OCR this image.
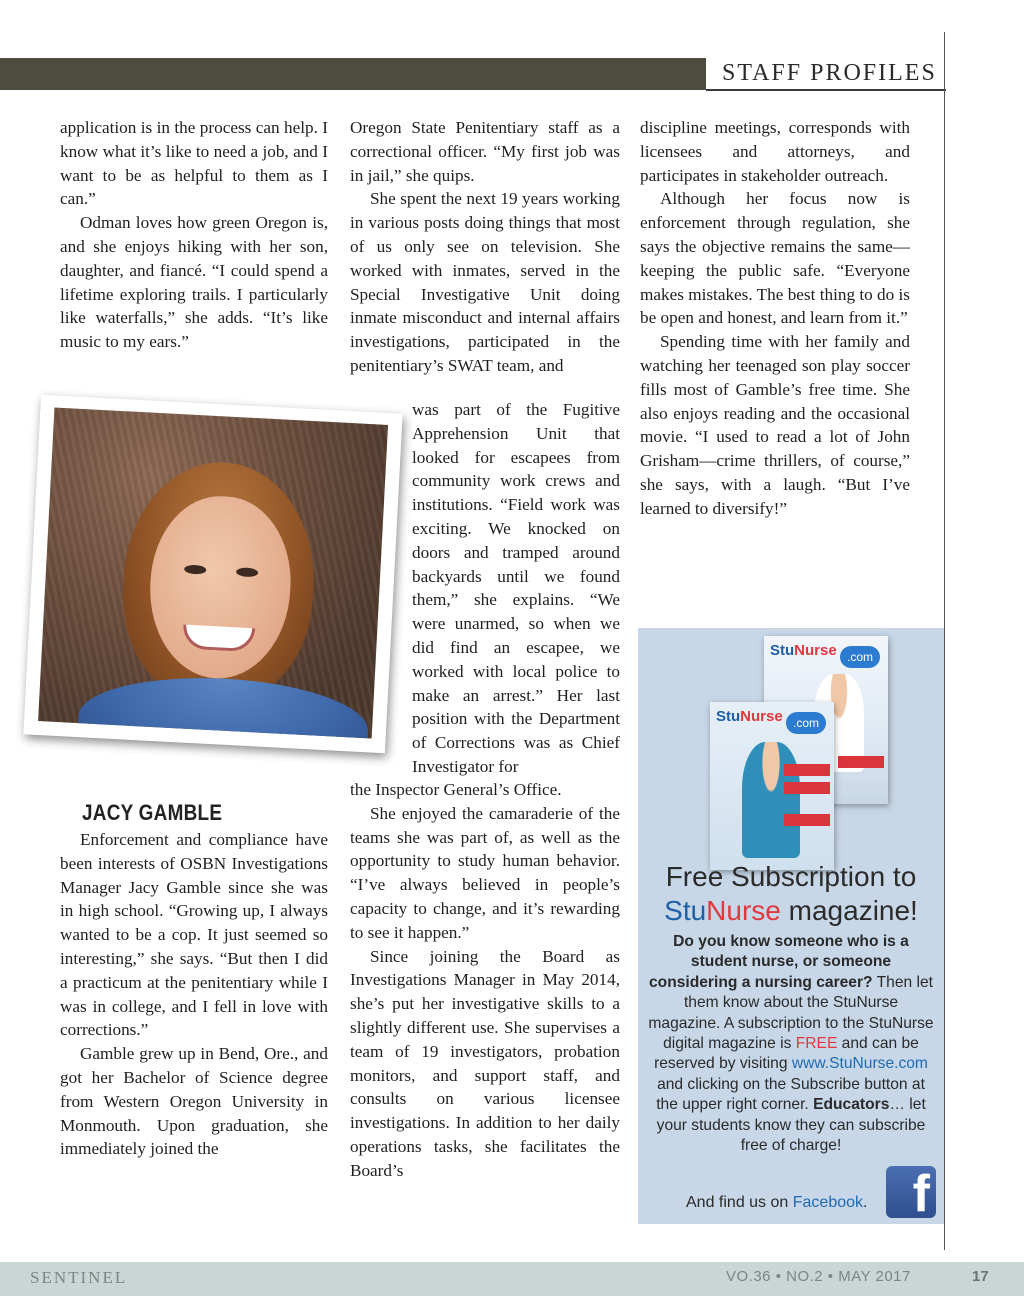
STAFF PROFILES

application is in the process can help. I know what it’s like to need a job, and I want to be as helpful to them as I can.”

Odman loves how green Oregon is, and she enjoys hiking with her son, daughter, and fiancé. “I could spend a lifetime exploring trails. I particularly like waterfalls,” she adds. “It’s like music to my ears.”

JACY GAMBLE

Enforcement and compliance have been interests of OSBN Investigations Manager Jacy Gamble since she was in high school. “Growing up, I always wanted to be a cop. It just seemed so interesting,” she says. “But then I did a practicum at the penitentiary while I was in college, and I fell in love with corrections.”

Gamble grew up in Bend, Ore., and got her Bachelor of Science degree from Western Oregon University in Monmouth. Upon graduation, she immediately joined the

Oregon State Penitentiary staff as a correctional officer. “My first job was in jail,” she quips.

She spent the next 19 years working in various posts doing things that most of us only see on television. She worked with inmates, served in the Special Investigative Unit doing inmate misconduct and internal affairs investigations, participated in the penitentiary’s SWAT team, and

was part of the Fugitive Apprehension Unit that looked for escapees from community work crews and institutions. “Field work was exciting. We knocked on doors and tramped around backyards until we found them,” she explains. “We were unarmed, so when we did find an escapee, we worked with local police to make an arrest.” Her last position with the Department of Corrections was as Chief Investigator for

the Inspector General’s Office.

She enjoyed the camaraderie of the teams she was part of, as well as the opportunity to study human behavior. “I’ve always believed in people’s capacity to change, and it’s rewarding to see it happen.”

Since joining the Board as Investigations Manager in May 2014, she’s put her investigative skills to a slightly different use. She supervises a team of 19 investigators, probation monitors, and support staff, and consults on various licensee investigations. In addition to her daily operations tasks, she facilitates the Board’s

discipline meetings, corresponds with licensees and attorneys, and participates in stakeholder outreach.

Although her focus now is enforcement through regulation, she says the objective remains the same—keeping the public safe. “Everyone makes mistakes. The best thing to do is be open and honest, and learn from it.”

Spending time with her family and watching her teenaged son play soccer fills most of Gamble’s free time. She also enjoys reading and the occasional movie. “I used to read a lot of John Grisham—crime thrillers, of course,” she says, with a laugh. “But I’ve learned to diversify!”

StuNurse .com
StuNurse .com
Free Subscription to
StuNurse magazine!
Do you know someone who is a student nurse, or someone considering a nursing career? Then let them know about the StuNurse magazine. A subscription to the StuNurse digital magazine is FREE and can be reserved by visiting www.StuNurse.com and clicking on the Subscribe button at the upper right corner. Educators… let your students know they can subscribe free of charge!
And find us on Facebook. f
SENTINEL	VO.36 • NO.2 • MAY 2017	17
